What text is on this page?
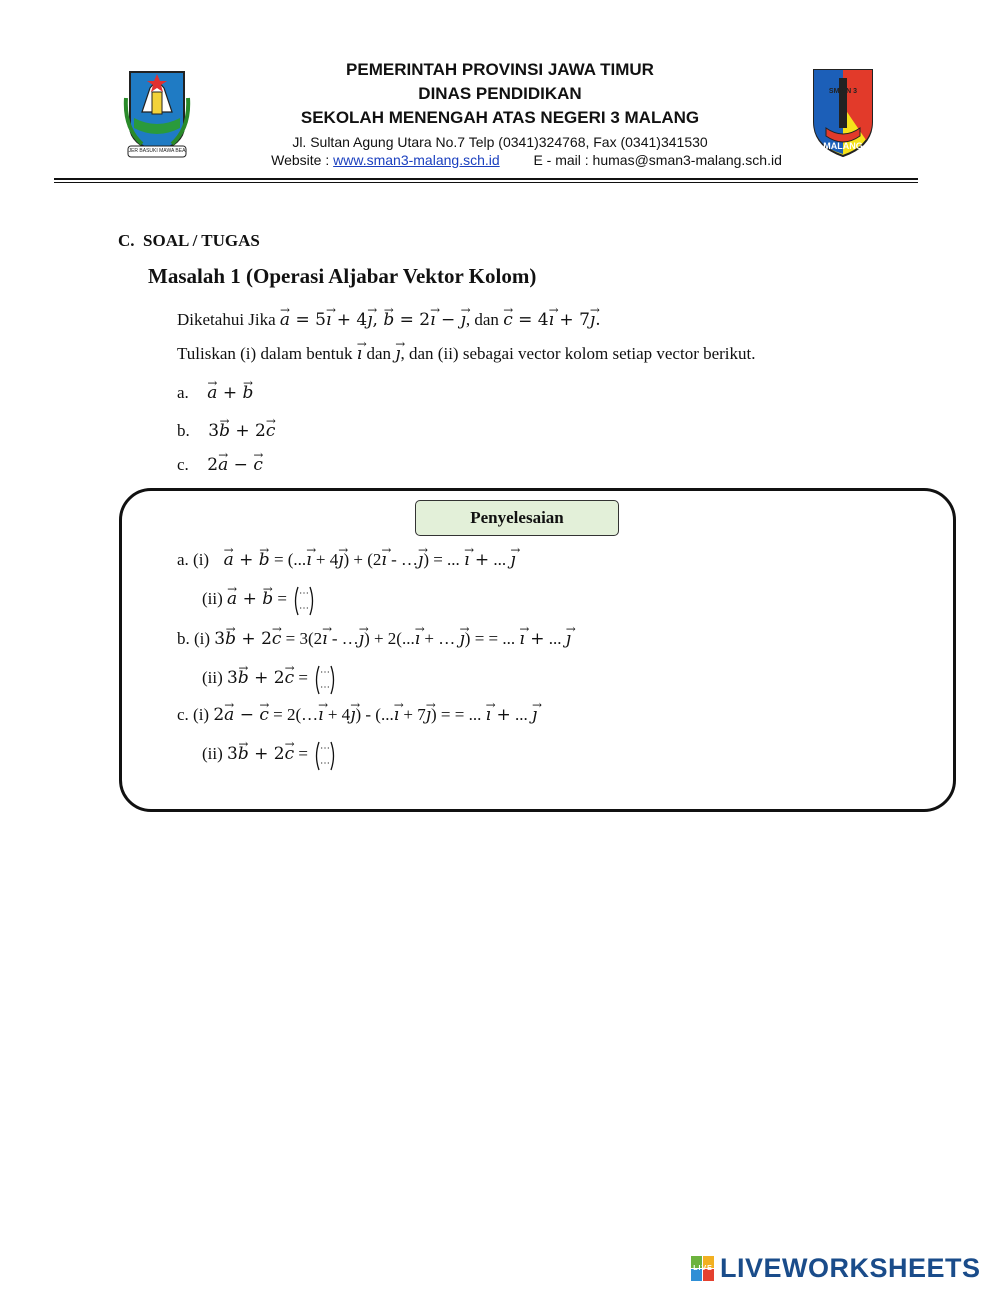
JER BASUKI MAWA BEA
SMA N 3
MALANG
PEMERINTAH PROVINSI JAWA TIMUR
DINAS PENDIDIKAN
SEKOLAH MENENGAH ATAS NEGERI 3 MALANG
Jl. Sultan Agung Utara No.7 Telp (0341)324768, Fax (0341)341530
Website : www.sman3-malang.sch.id E - mail : humas@sman3-malang.sch.id
C.  SOAL / TUGAS
Masalah 1 (Operasi Aljabar Vektor Kolom)
Diketahui Jika → a = 5→ ı + 4→ ȷ, → b = 2→ ı − → ȷ, dan → c = 4→ ı + 7→ ȷ.
Tuliskan (i) dalam bentuk → ı dan → ȷ, dan (ii) sebagai vector kolom setiap vector berikut.
a. → a + → b
b. 3→ b + 2→ c
c. 2→ a − → c
Penyelesaian
a. (i) → a + → b = (...→ ı + 4→ ȷ) + (2→ ı - …→ ȷ) = ... → ı + ... → ȷ
(ii) → a + → b = ⋯
⋯
b. (i) 3→ b + 2→ c = 3(2→ ı - …→ ȷ) + 2(...→ ı + … → ȷ) = = ... → ı + ... → ȷ
(ii) 3→ b + 2→ c = ⋯
⋯
c. (i) 2→ a − → c = 2(…→ ı + 4→ ȷ) - (...→ ı + 7→ ȷ) = = ... → ı + ... → ȷ
(ii) 3→ b + 2→ c = ⋯
⋯

LIVE LIVEWORKSHEETS
